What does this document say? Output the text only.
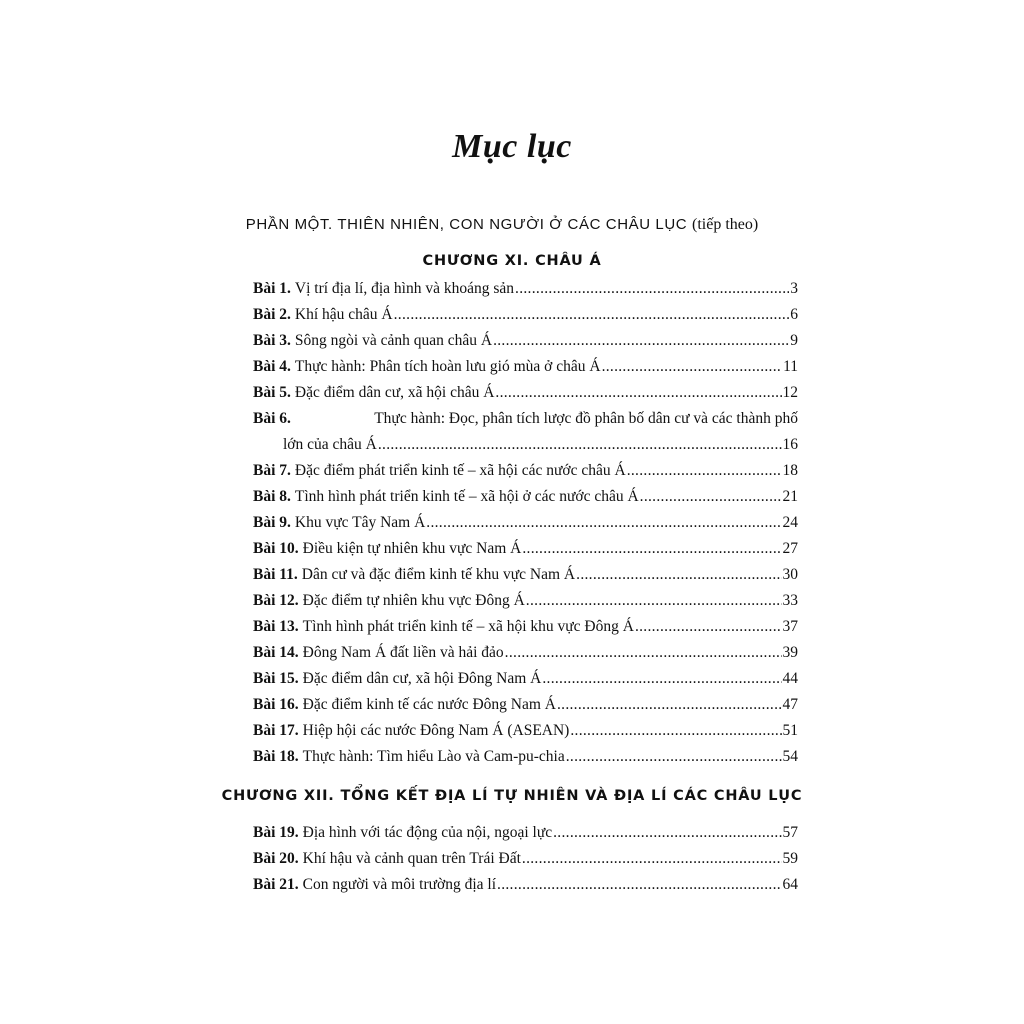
Mục lục
PHẦN MỘT. THIÊN NHIÊN, CON NGƯỜI Ở CÁC CHÂU LỤC (tiếp theo)
CHƯƠNG XI. CHÂU Á
Bài 1. Vị trí địa lí, địa hình và khoáng sản .....	3
Bài 2. Khí hậu châu Á .....	6
Bài 3. Sông ngòi và cảnh quan châu Á .....	9
Bài 4. Thực hành: Phân tích hoàn lưu gió mùa ở châu Á .....	11
Bài 5. Đặc điểm dân cư, xã hội châu Á .....	12
Bài 6.	Thực hành: Đọc, phân tích lược đồ phân bố dân cư và các thành phố
lớn của châu Á .....	16
Bài 7. Đặc điểm phát triển kinh tế – xã hội các nước châu Á .....	18
Bài 8. Tình hình phát triển kinh tế – xã hội ở các nước châu Á .....	21
Bài 9. Khu vực Tây Nam Á .....	24
Bài 10. Điều kiện tự nhiên khu vực Nam Á .....	27
Bài 11. Dân cư và đặc điểm kinh tế khu vực Nam Á .....	30
Bài 12. Đặc điểm tự nhiên khu vực Đông Á .....	33
Bài 13. Tình hình phát triển kinh tế – xã hội khu vực Đông Á .....	37
Bài 14. Đông Nam Á đất liền và hải đảo .....	39
Bài 15. Đặc điểm dân cư, xã hội Đông Nam Á .....	44
Bài 16. Đặc điểm kinh tế các nước Đông Nam Á .....	47
Bài 17. Hiệp hội các nước Đông Nam Á (ASEAN) .....	51
Bài 18. Thực hành: Tìm hiểu Lào và Cam-pu-chia .....	54
CHƯƠNG XII. TỔNG KẾT ĐỊA LÍ TỰ NHIÊN VÀ ĐỊA LÍ CÁC CHÂU LỤC
Bài 19. Địa hình với tác động của nội, ngoại lực .....	57
Bài 20. Khí hậu và cảnh quan trên Trái Đất .....	59
Bài 21. Con người và môi trường địa lí .....	64
